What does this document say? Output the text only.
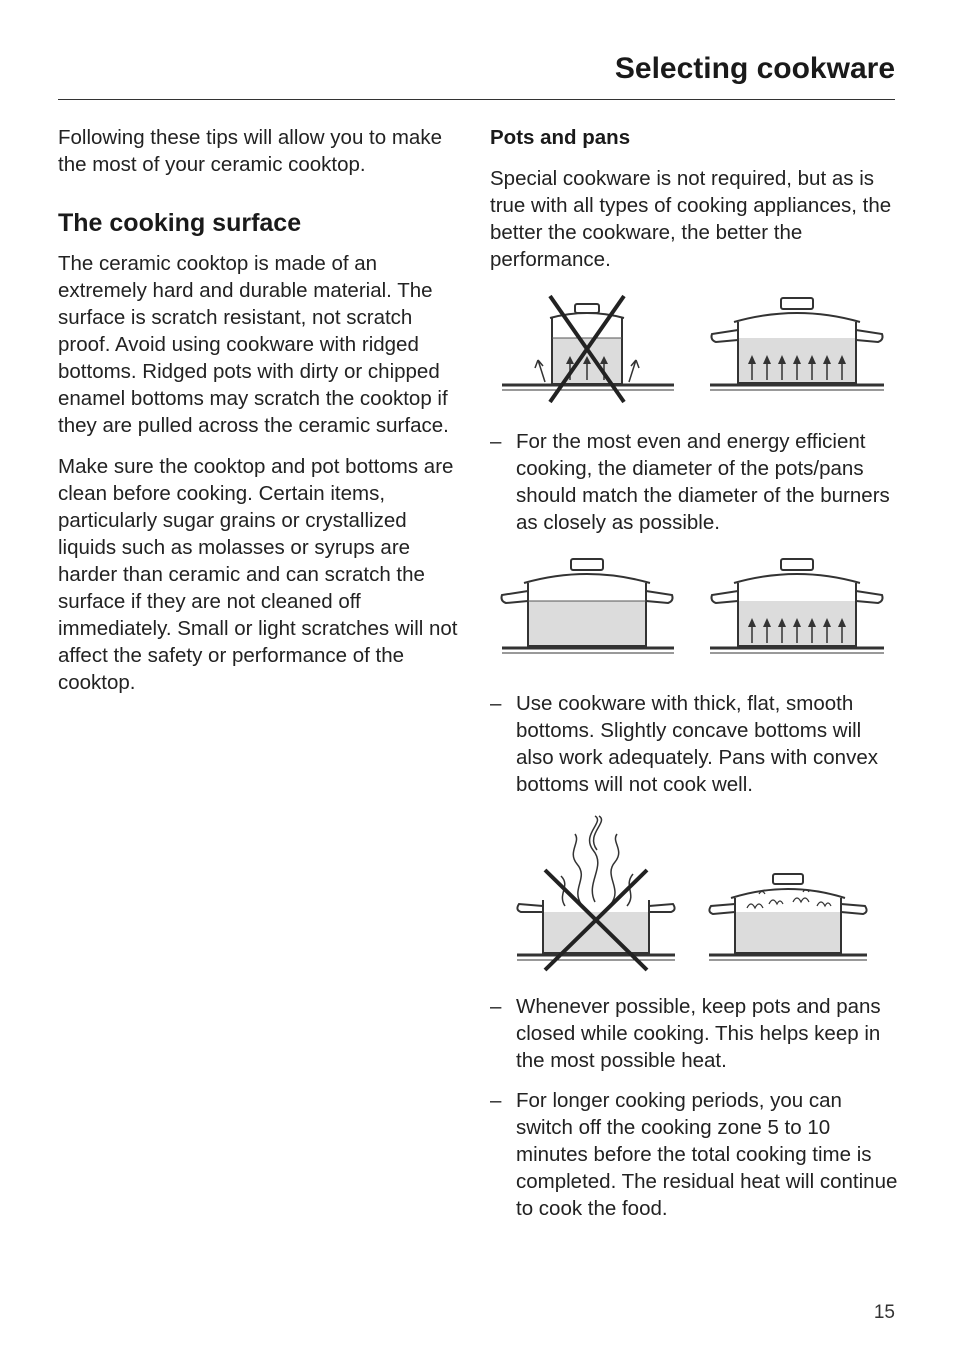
Selecting cookware

Following these tips will allow you to make the most of your ceramic cooktop.

The cooking surface

The ceramic cooktop is made of an extremely hard and durable material. The surface is scratch resistant, not scratch proof. Avoid using cookware with ridged bottoms. Ridged pots with dirty or chipped enamel bottoms may scratch the cooktop if they are pulled across the ceramic surface.

Make sure the cooktop and pot bottoms are clean before cooking. Certain items, particularly sugar grains or crystallized liquids such as molasses or syrups are harder than ceramic and can scratch the surface if they are not cleaned off immediately. Small or light scratches will not affect the safety or performance of the cooktop.

Pots and pans

Special cookware is not required, but as is true with all types of cooking appliances, the better the cookware, the better the performance.

– For the most even and energy efficient cooking, the diameter of the pots/pans should match the diameter of the burners as closely as possible.
– Use cookware with thick, flat, smooth bottoms. Slightly concave bottoms will also work adequately. Pans with convex bottoms will not cook well.
– Whenever possible, keep pots and pans closed while cooking. This helps keep in the most possible heat.
– For longer cooking periods, you can switch off the cooking zone 5 to 10 minutes before the total cooking time is completed. The residual heat will continue to cook the food.
15
